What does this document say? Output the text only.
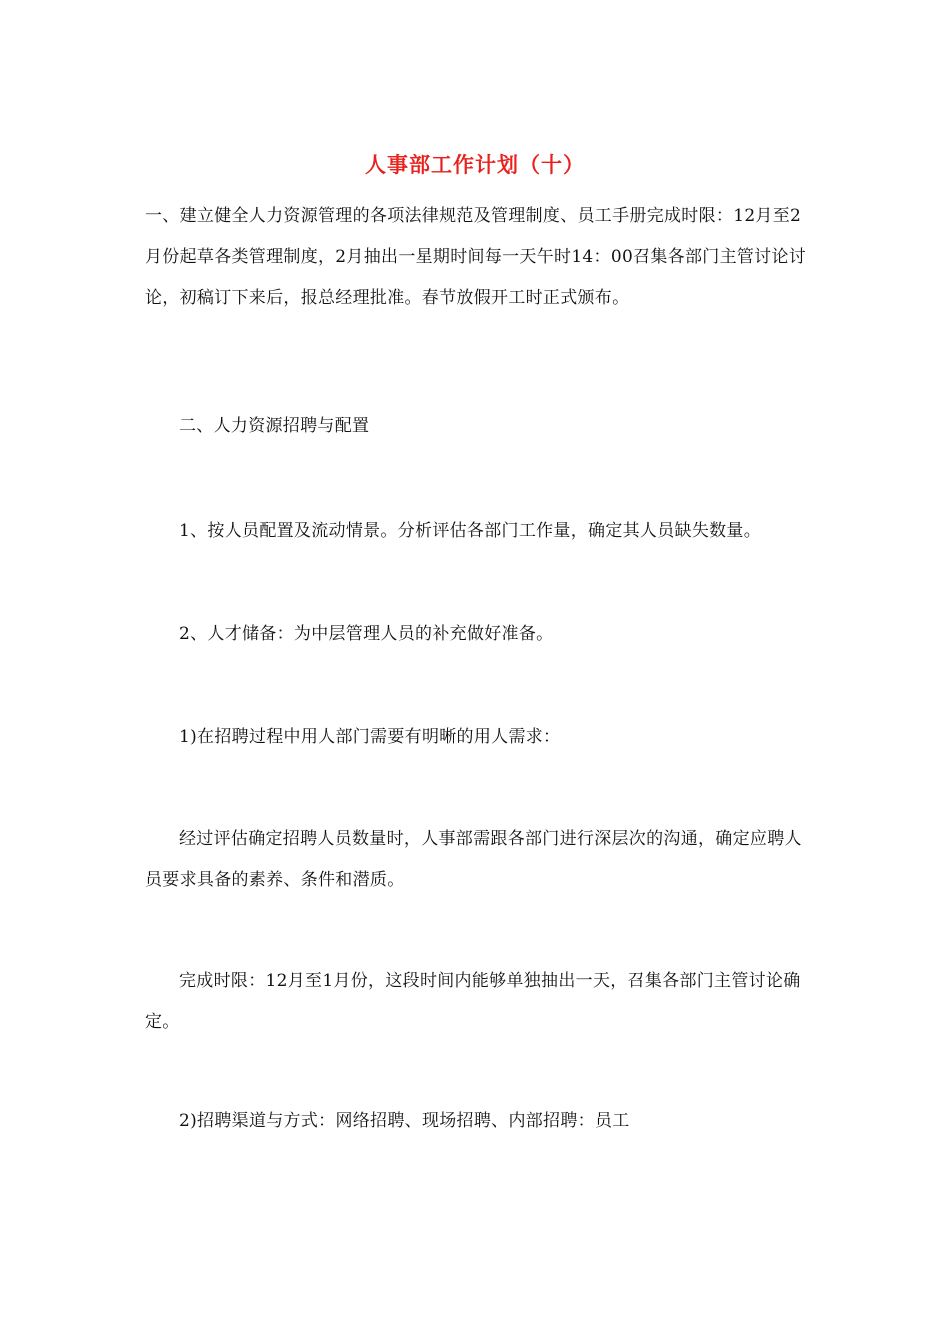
人事部工作计划（十）

一、建立健全人力资源管理的各项法律规范及管理制度、员工手册完成时限：12月至2月份起草各类管理制度，2月抽出一星期时间每一天午时14：00召集各部门主管讨论讨论，初稿订下来后，报总经理批准。春节放假开工时正式颁布。

二、人力资源招聘与配置

1、按人员配置及流动情景。分析评估各部门工作量，确定其人员缺失数量。

2、人才储备：为中层管理人员的补充做好准备。

1)在招聘过程中用人部门需要有明晰的用人需求：

经过评估确定招聘人员数量时，人事部需跟各部门进行深层次的沟通，确定应聘人员要求具备的素养、条件和潜质。

完成时限：12月至1月份，这段时间内能够单独抽出一天，召集各部门主管讨论确定。

2)招聘渠道与方式：网络招聘、现场招聘、内部招聘：员工
